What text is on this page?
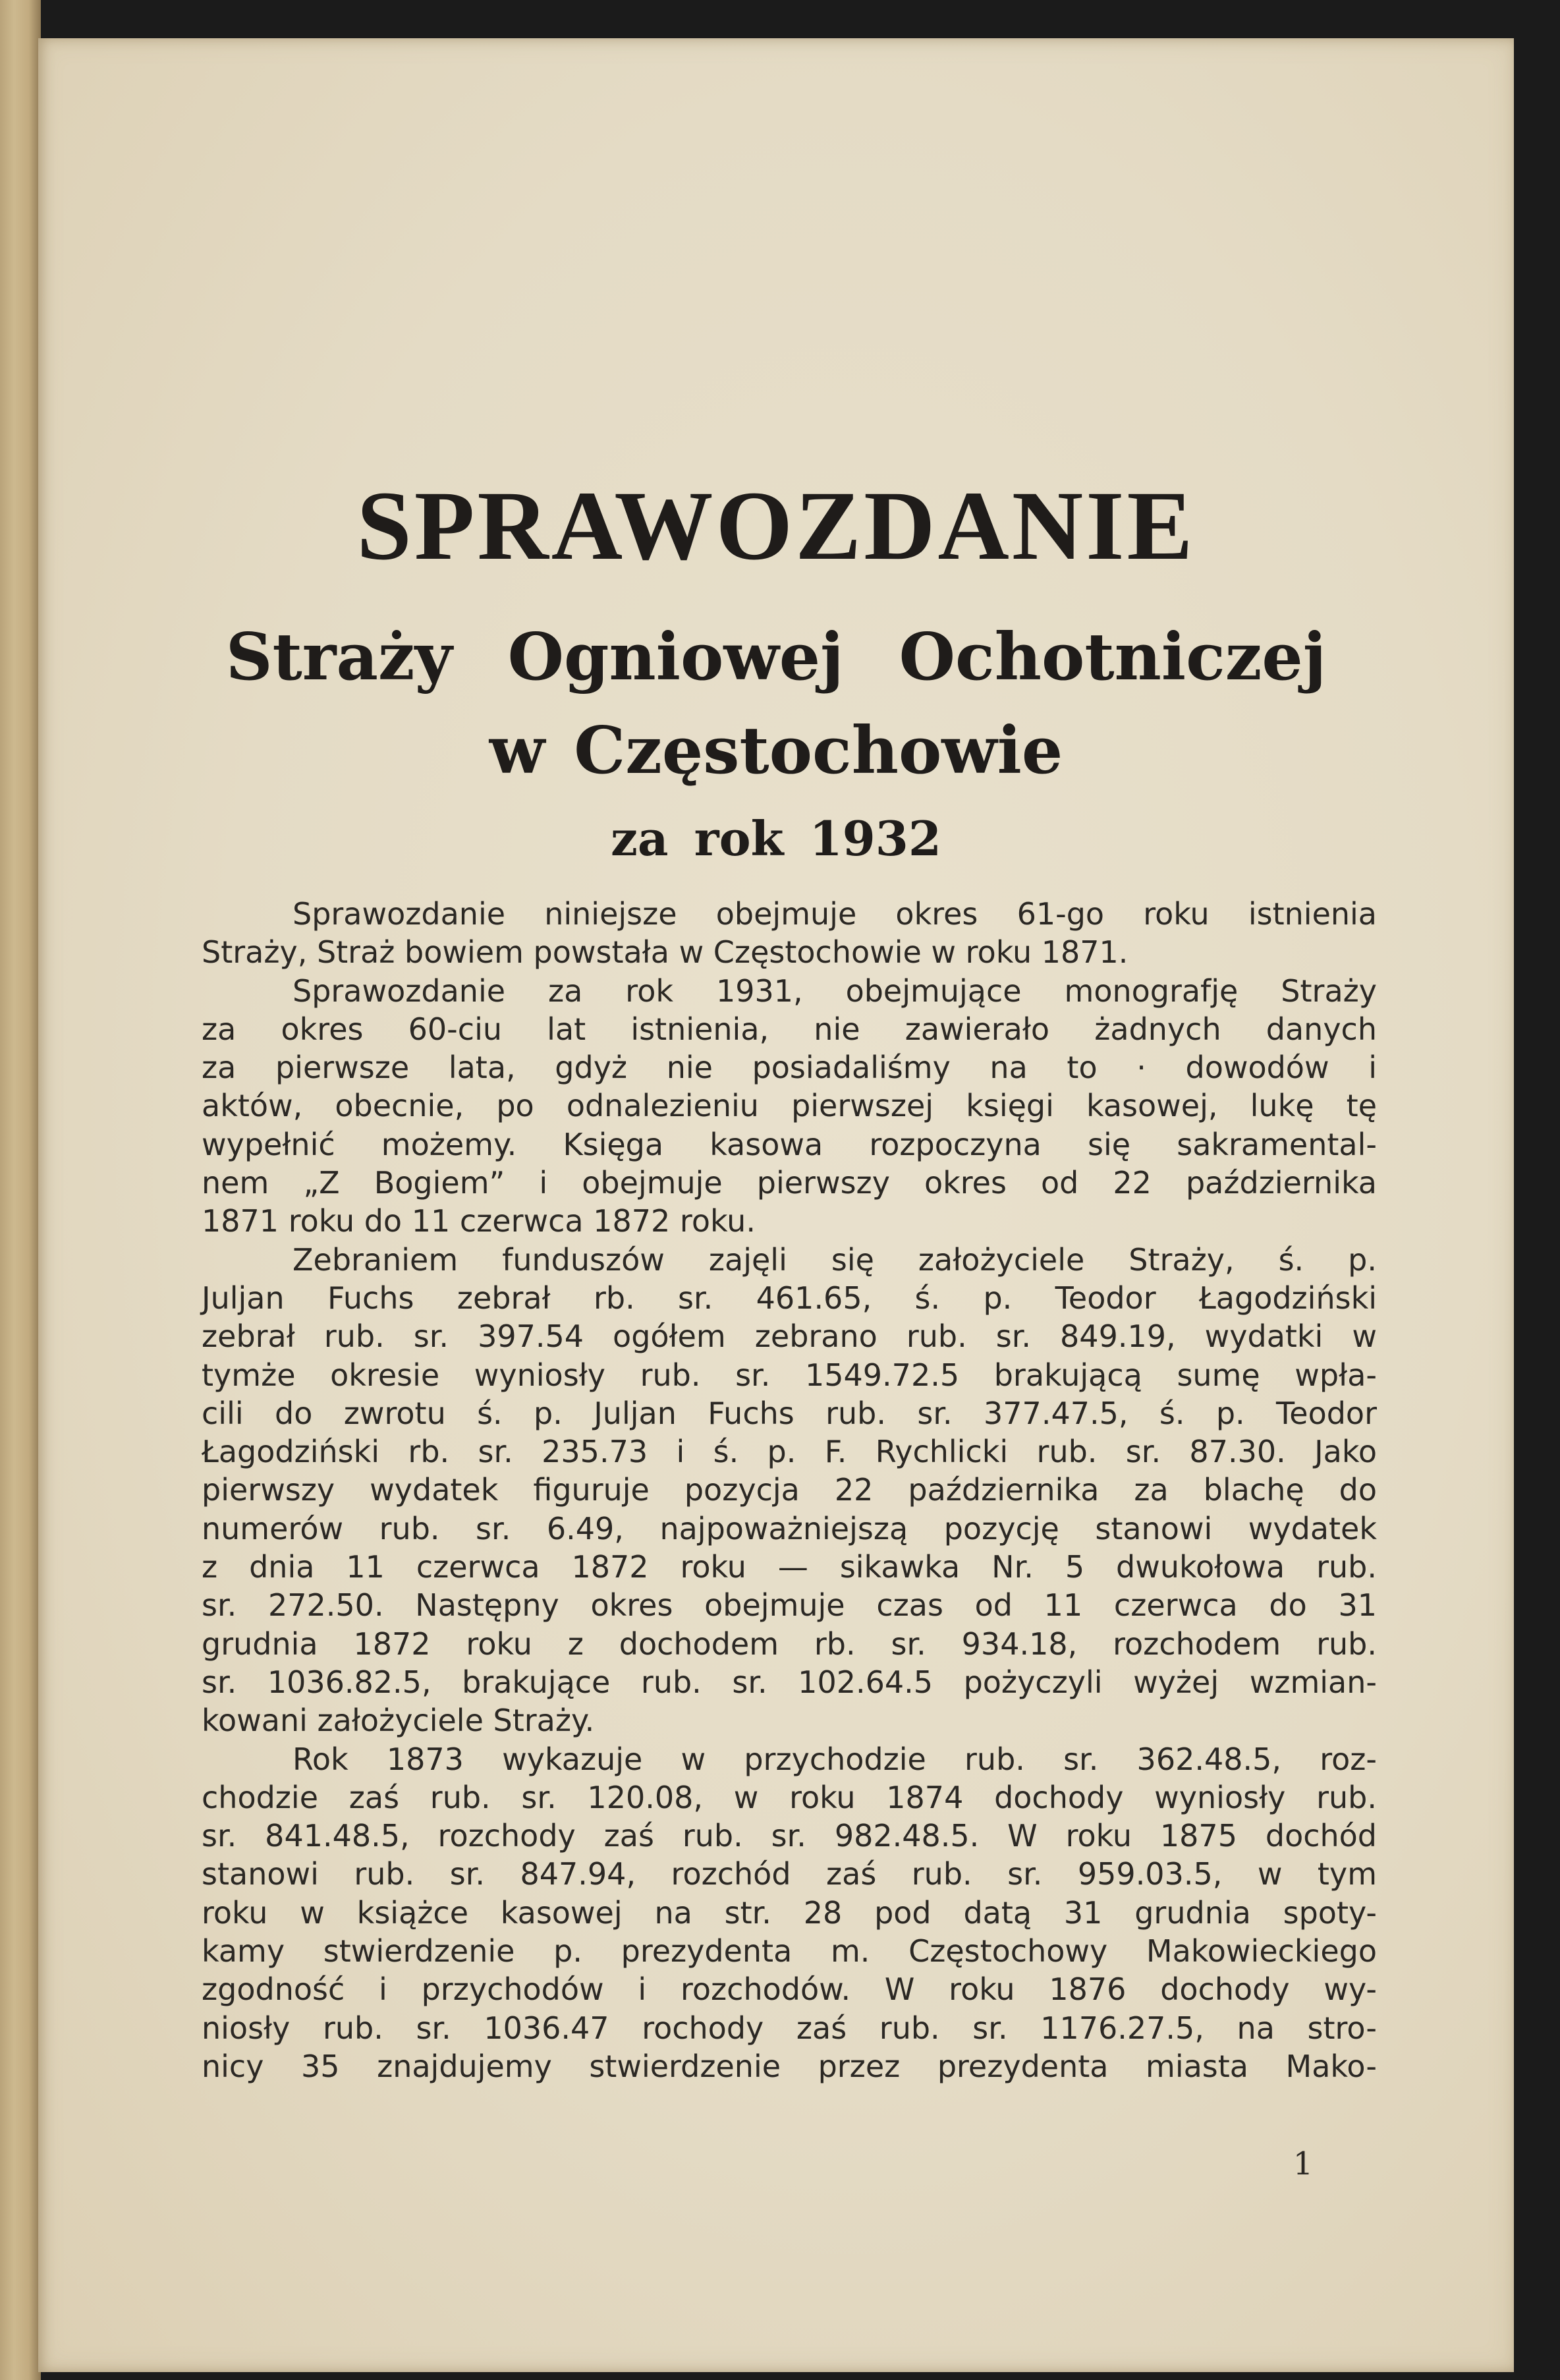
SPRAWOZDANIE
Straży Ogniowej Ochotniczej
w Częstochowie
za rok 1932
Sprawozdanie niniejsze obejmuje okres 61-go roku istnienia
Straży, Straż bowiem powstała w Częstochowie w roku 1871.
Sprawozdanie za rok 1931, obejmujące monografję Straży
za okres 60-ciu lat istnienia, nie zawierało żadnych danych
za pierwsze lata, gdyż nie posiadaliśmy na to · dowodów i
aktów, obecnie, po odnalezieniu pierwszej księgi kasowej, lukę tę
wypełnić możemy. Księga kasowa rozpoczyna się sakramental-
nem „Z Bogiem” i obejmuje pierwszy okres od 22 października
1871 roku do 11 czerwca 1872 roku.
Zebraniem funduszów zajęli się założyciele Straży, ś. p.
Juljan Fuchs zebrał rb. sr. 461.65, ś. p. Teodor Łagodziński
zebrał rub. sr. 397.54 ogółem zebrano rub. sr. 849.19, wydatki w
tymże okresie wyniosły rub. sr. 1549.72.5 brakującą sumę wpła-
cili do zwrotu ś. p. Juljan Fuchs rub. sr. 377.47.5, ś. p. Teodor
Łagodziński rb. sr. 235.73 i ś. p. F. Rychlicki rub. sr. 87.30. Jako
pierwszy wydatek figuruje pozycja 22 października za blachę do
numerów rub. sr. 6.49, najpoważniejszą pozycję stanowi wydatek
z dnia 11 czerwca 1872 roku — sikawka Nr. 5 dwukołowa rub.
sr. 272.50. Następny okres obejmuje czas od 11 czerwca do 31
grudnia 1872 roku z dochodem rb. sr. 934.18, rozchodem rub.
sr. 1036.82.5, brakujące rub. sr. 102.64.5 pożyczyli wyżej wzmian-
kowani założyciele Straży.
Rok 1873 wykazuje w przychodzie rub. sr. 362.48.5, roz-
chodzie zaś rub. sr. 120.08, w roku 1874 dochody wyniosły rub.
sr. 841.48.5, rozchody zaś rub. sr. 982.48.5. W roku 1875 dochód
stanowi rub. sr. 847.94, rozchód zaś rub. sr. 959.03.5, w tym
roku w książce kasowej na str. 28 pod datą 31 grudnia spoty-
kamy stwierdzenie p. prezydenta m. Częstochowy Makowieckiego
zgodność i przychodów i rozchodów. W roku 1876 dochody wy-
niosły rub. sr. 1036.47 rochody zaś rub. sr. 1176.27.5, na stro-
nicy 35 znajdujemy stwierdzenie przez prezydenta miasta Mako-
1
